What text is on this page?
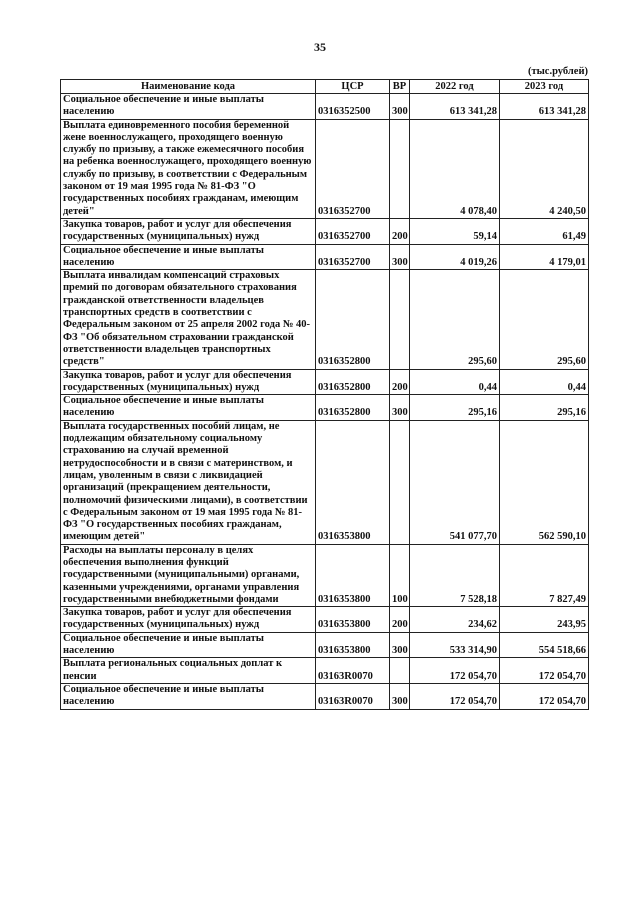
35
(тыс.рублей)
Наименование кода	ЦСР	ВР	2022 год	2023 год
Социальное обеспечение и иные выплаты населению	0316352500	300	613 341,28	613 341,28
Выплата единовременного пособия беременной жене военнослужащего, проходящего военную службу по призыву, а также ежемесячного пособия на ребенка военнослужащего, проходящего военную службу по призыву, в соответствии с Федеральным законом от 19 мая 1995 года № 81-ФЗ "О государственных пособиях гражданам, имеющим детей"	0316352700		4 078,40	4 240,50
Закупка товаров, работ и услуг для обеспечения государственных (муниципальных) нужд	0316352700	200	59,14	61,49
Социальное обеспечение и иные выплаты населению	0316352700	300	4 019,26	4 179,01
Выплата инвалидам компенсаций страховых премий по договорам обязательного страхования гражданской ответственности владельцев транспортных средств в соответствии с Федеральным законом от 25 апреля 2002 года № 40-ФЗ "Об обязательном страховании гражданской ответственности владельцев транспортных средств"	0316352800		295,60	295,60
Закупка товаров, работ и услуг для обеспечения государственных (муниципальных) нужд	0316352800	200	0,44	0,44
Социальное обеспечение и иные выплаты населению	0316352800	300	295,16	295,16
Выплата государственных пособий лицам, не подлежащим обязательному социальному страхованию на случай временной нетрудоспособности и в связи с материнством, и лицам, уволенным в связи с ликвидацией организаций (прекращением деятельности, полномочий физическими лицами), в соответствии с Федеральным законом от 19 мая 1995 года № 81-ФЗ "О государственных пособиях гражданам, имеющим детей"	0316353800		541 077,70	562 590,10
Расходы на выплаты персоналу в целях обеспечения выполнения функций государственными (муниципальными) органами, казенными учреждениями, органами управления государственными внебюджетными фондами	0316353800	100	7 528,18	7 827,49
Закупка товаров, работ и услуг для обеспечения государственных (муниципальных) нужд	0316353800	200	234,62	243,95
Социальное обеспечение и иные выплаты населению	0316353800	300	533 314,90	554 518,66
Выплата региональных социальных доплат к пенсии	03163R0070		172 054,70	172 054,70
Социальное обеспечение и иные выплаты населению	03163R0070	300	172 054,70	172 054,70
